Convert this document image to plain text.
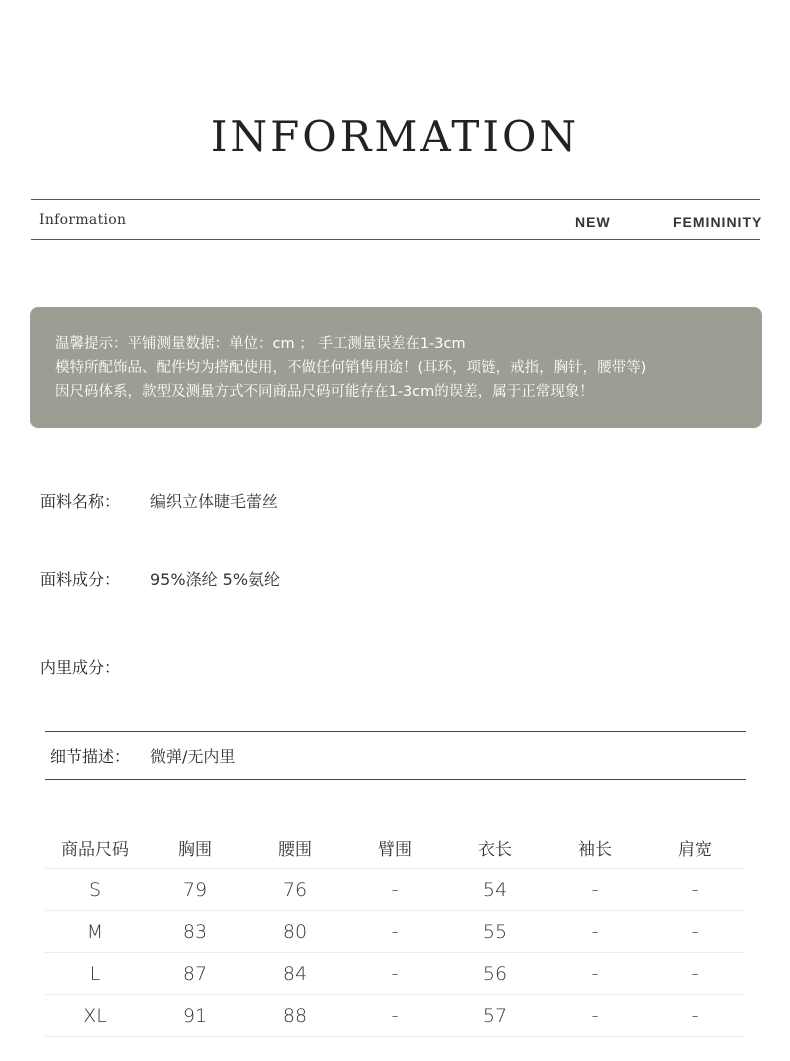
INFORMATION
Information	NEW	FEMININITY
温馨提示：平铺测量数据：单位：cm ； 手工测量误差在1-3cm
模特所配饰品、配件均为搭配使用，不做任何销售用途！(耳环，项链，戒指，胸针，腰带等)
因尺码体系，款型及测量方式不同商品尺码可能存在1-3cm的误差，属于正常现象！
面料名称： 编织立体睫毛蕾丝
面料成分： 95%涤纶 5%氨纶
内里成分：
细节描述： 微弹/无内里
商品尺码	胸围	腰围	臂围	衣长	袖长	肩宽
S	79	76	-	54	-	-
M	83	80	-	55	-	-
L	87	84	-	56	-	-
XL	91	88	-	57	-	-
